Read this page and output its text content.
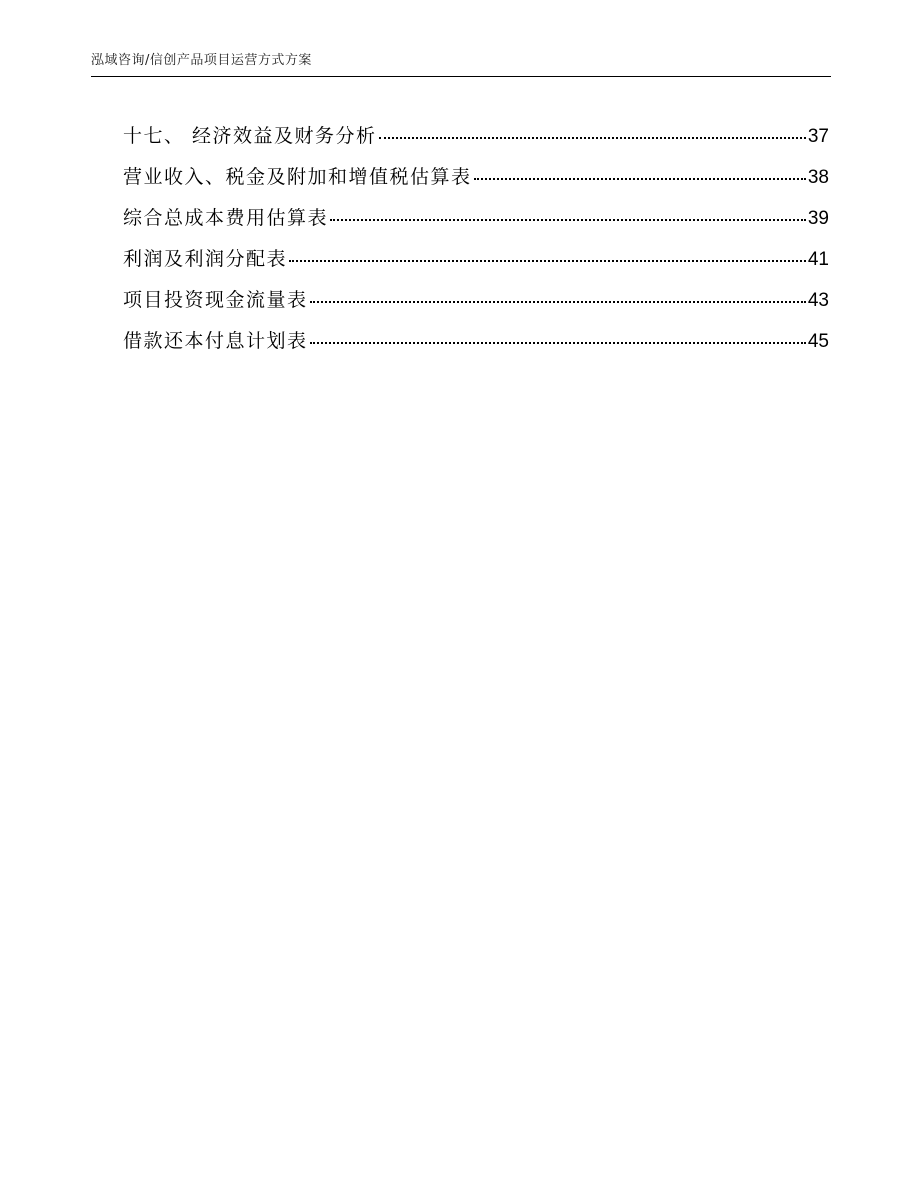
泓域咨询/信创产品项目运营方式方案
十七、 经济效益及财务分析	37
营业收入、税金及附加和增值税估算表	38
综合总成本费用估算表	39
利润及利润分配表	41
项目投资现金流量表	43
借款还本付息计划表	45
